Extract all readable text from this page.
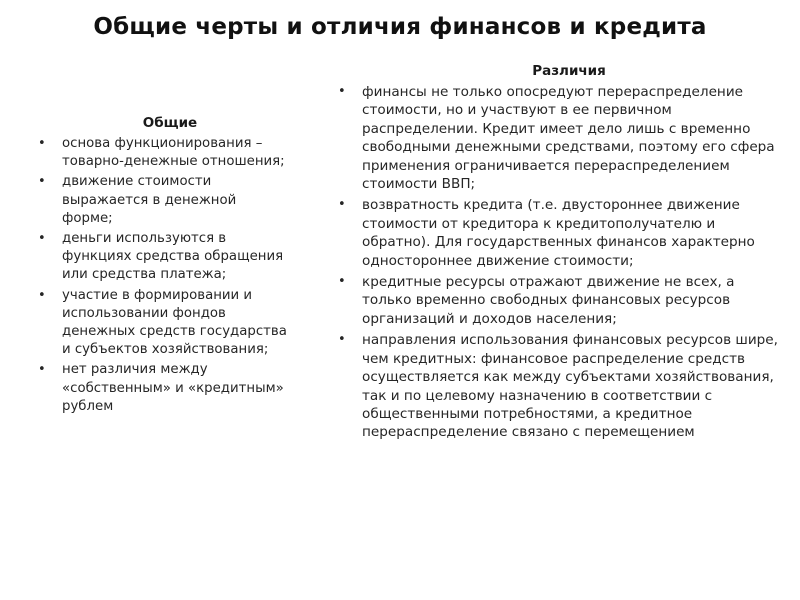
Общие черты и отличия финансов и кредита
Общие
• основа функционирования – товарно-денежные отношения;
• движение стоимости выражается в денежной форме;
• деньги используются в функциях средства обращения или средства платежа;
• участие в формировании и использовании фондов денежных средств государства и субъектов хозяйствования;
• нет различия между «собственным» и «кредитным» рублем
Различия
• финансы не только опосредуют перераспределение стоимости, но и участвуют в ее первичном распределении. Кредит имеет дело лишь с временно свободными денежными средствами, поэтому его сфера применения ограничивается перераспределением стоимости ВВП;
• возвратность кредита (т.е. двустороннее движение стоимости от кредитора к кредитополучателю и обратно). Для государственных финансов характерно одностороннее движение стоимости;
• кредитные ресурсы отражают движение не всех, а только временно свободных финансовых ресурсов организаций и доходов населения;
• направления использования финансовых ресурсов шире, чем кредитных: финансовое распределение средств осуществляется как между субъектами хозяйствования, так и по целевому назначению в соответствии с общественными потребностями, а кредитное перераспределение связано с перемещением
